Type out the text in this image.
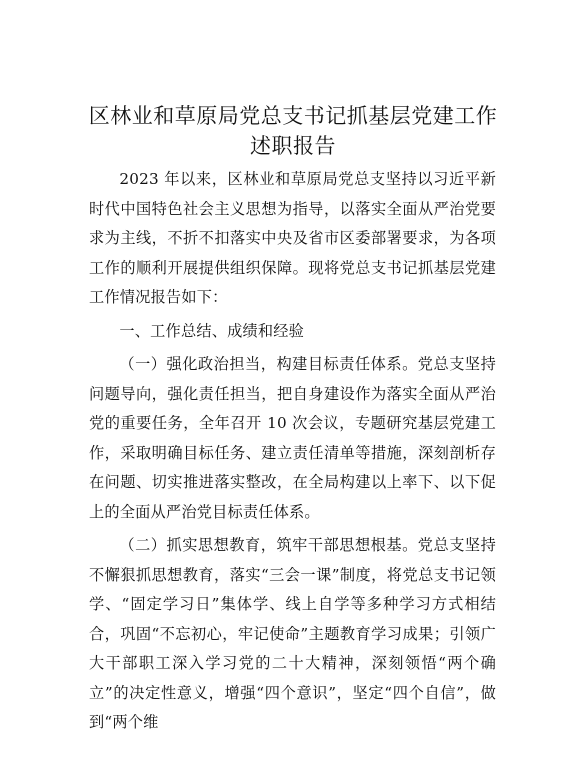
区林业和草原局党总支书记抓基层党建工作述职报告

2023 年以来，区林业和草原局党总支坚持以习近平新时代中国特色社会主义思想为指导，以落实全面从严治党要求为主线，不折不扣落实中央及省市区委部署要求，为各项工作的顺利开展提供组织保障。现将党总支书记抓基层党建工作情况报告如下：

一、工作总结、成绩和经验

（一）强化政治担当，构建目标责任体系。党总支坚持问题导向，强化责任担当，把自身建设作为落实全面从严治党的重要任务，全年召开 10 次会议，专题研究基层党建工作，采取明确目标任务、建立责任清单等措施，深刻剖析存在问题、切实推进落实整改，在全局构建以上率下、以下促上的全面从严治党目标责任体系。

（二）抓实思想教育，筑牢干部思想根基。党总支坚持不懈狠抓思想教育，落实“三会一课”制度，将党总支书记领学、“固定学习日”集体学、线上自学等多种学习方式相结合，巩固“不忘初心，牢记使命”主题教育学习成果；引领广大干部职工深入学习党的二十大精神，深刻领悟“两个确立”的决定性意义，增强“四个意识”，坚定“四个自信”，做到“两个维
